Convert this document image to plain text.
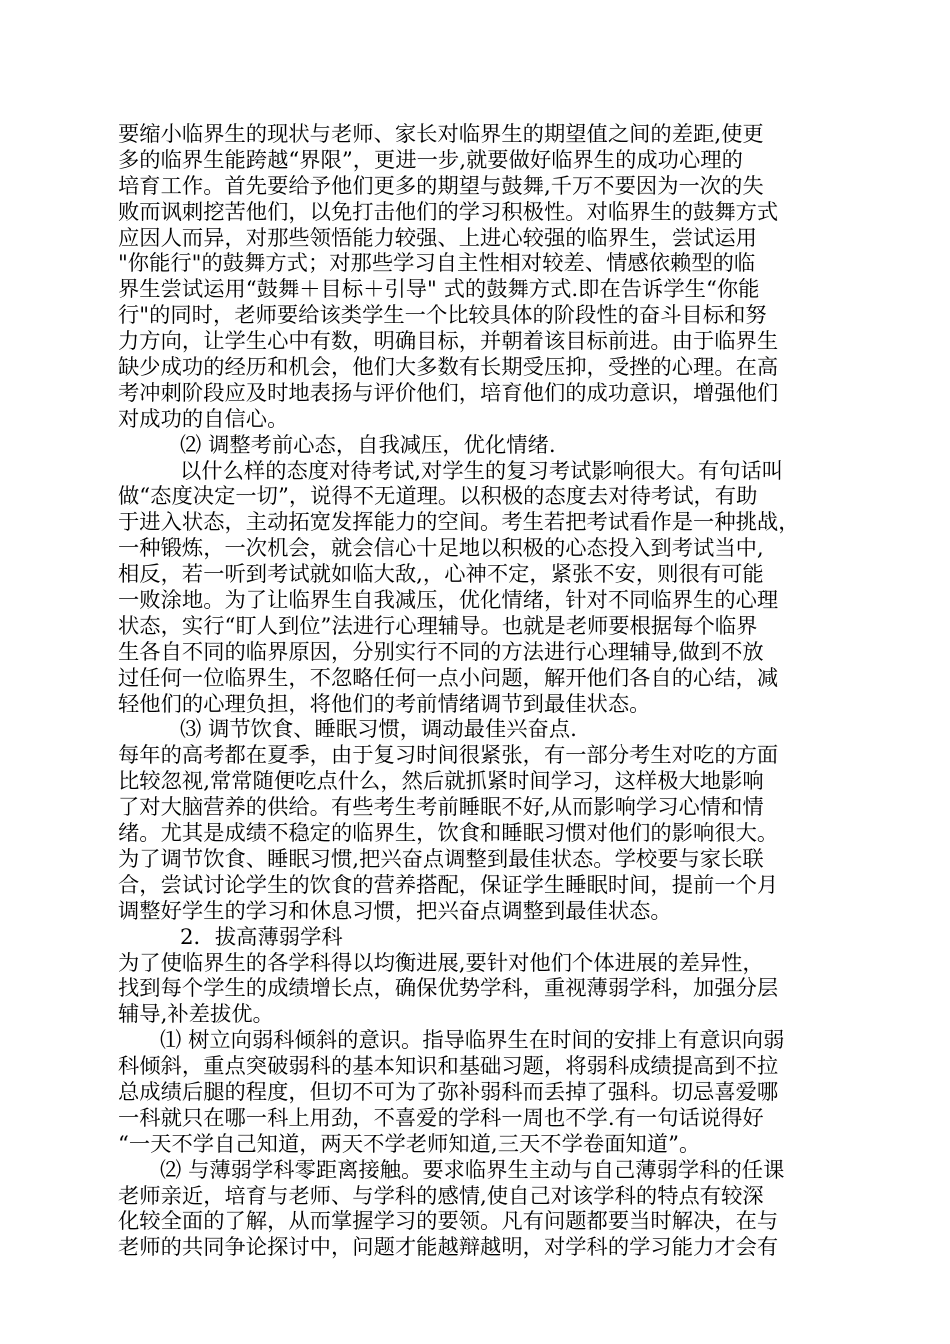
要缩小临界生的现状与老师、家长对临界生的期望值之间的差距,使更
多的临界生能跨越“界限”，更进一步,就要做好临界生的成功心理的
培育工作。首先要给予他们更多的期望与鼓舞,千万不要因为一次的失
败而讽刺挖苦他们，以免打击他们的学习积极性。对临界生的鼓舞方式
应因人而异，对那些领悟能力较强、上进心较强的临界生，尝试运用
"你能行"的鼓舞方式；对那些学习自主性相对较差、情感依赖型的临
界生尝试运用“鼓舞＋目标＋引导" 式的鼓舞方式.即在告诉学生“你能
行"的同时，老师要给该类学生一个比较具体的阶段性的奋斗目标和努
力方向，让学生心中有数，明确目标，并朝着该目标前进。由于临界生
缺少成功的经历和机会，他们大多数有长期受压抑，受挫的心理。在高
考冲刺阶段应及时地表扬与评价他们，培育他们的成功意识，增强他们
对成功的自信心。
⑵ 调整考前心态，自我减压，优化情绪.
以什么样的态度对待考试,对学生的复习考试影响很大。有句话叫
做“态度决定一切”，说得不无道理。以积极的态度去对待考试，有助
于进入状态，主动拓宽发挥能力的空间。考生若把考试看作是一种挑战，
一种锻炼，一次机会，就会信心十足地以积极的心态投入到考试当中,
相反，若一听到考试就如临大敌,，心神不定，紧张不安，则很有可能
一败涂地。为了让临界生自我减压，优化情绪，针对不同临界生的心理
状态，实行“盯人到位”法进行心理辅导。也就是老师要根据每个临界
生各自不同的临界原因，分别实行不同的方法进行心理辅导,做到不放
过任何一位临界生，不忽略任何一点小问题，解开他们各自的心结，减
轻他们的心理负担，将他们的考前情绪调节到最佳状态。
⑶ 调节饮食、睡眠习惯，调动最佳兴奋点.
每年的高考都在夏季，由于复习时间很紧张，有一部分考生对吃的方面
比较忽视,常常随便吃点什么，然后就抓紧时间学习，这样极大地影响
了对大脑营养的供给。有些考生考前睡眠不好,从而影响学习心情和情
绪。尤其是成绩不稳定的临界生，饮食和睡眠习惯对他们的影响很大。
为了调节饮食、睡眠习惯,把兴奋点调整到最佳状态。学校要与家长联
合，尝试讨论学生的饮食的营养搭配，保证学生睡眠时间，提前一个月
调整好学生的学习和休息习惯，把兴奋点调整到最佳状态。
2．拔高薄弱学科
为了使临界生的各学科得以均衡进展,要针对他们个体进展的差异性，
找到每个学生的成绩增长点，确保优势学科，重视薄弱学科，加强分层
辅导,补差拔优。
⑴ 树立向弱科倾斜的意识。指导临界生在时间的安排上有意识向弱
科倾斜，重点突破弱科的基本知识和基础习题，将弱科成绩提高到不拉
总成绩后腿的程度，但切不可为了弥补弱科而丢掉了强科。切忌喜爱哪
一科就只在哪一科上用劲，不喜爱的学科一周也不学.有一句话说得好
“一天不学自己知道，两天不学老师知道,三天不学卷面知道”。
⑵ 与薄弱学科零距离接触。要求临界生主动与自己薄弱学科的任课
老师亲近，培育与老师、与学科的感情,使自己对该学科的特点有较深
化较全面的了解，从而掌握学习的要领。凡有问题都要当时解决，在与
老师的共同争论探讨中，问题才能越辩越明，对学科的学习能力才会有
